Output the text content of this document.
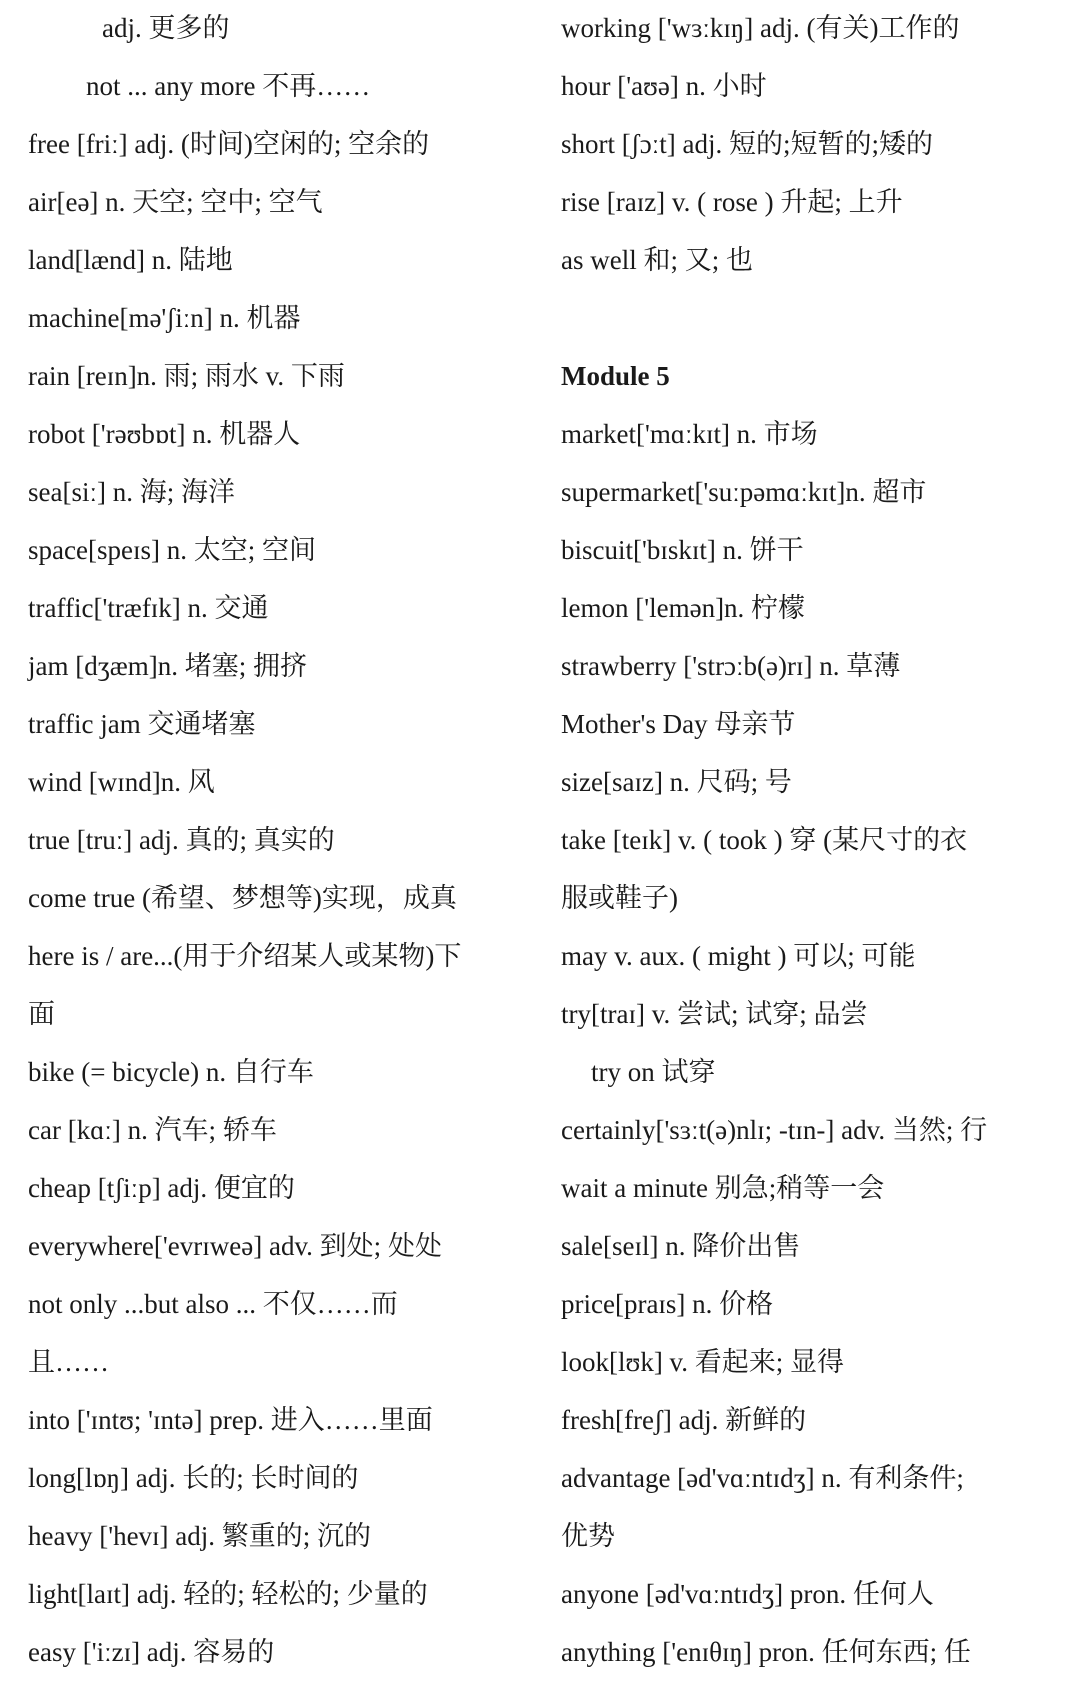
adj. 更多的
not ... any more 不再……
free [friː] adj. (时间)空闲的; 空余的
air[eə] n. 天空; 空中; 空气
land[lænd] n. 陆地
machine[mə'ʃiːn] n. 机器
rain [reɪn]n. 雨; 雨水 v. 下雨
robot ['rəʊbɒt] n. 机器人
sea[siː] n. 海; 海洋
space[speɪs] n. 太空; 空间
traffic['træfɪk] n. 交通
jam [dʒæm]n. 堵塞; 拥挤
traffic jam 交通堵塞
wind [wɪnd]n. 风
true [truː] adj. 真的; 真实的
come true (希望、梦想等)实现，成真
here is / are...(用于介绍某人或某物)下
面
bike (= bicycle) n. 自行车
car [kɑː] n. 汽车; 轿车
cheap [tʃiːp] adj. 便宜的
everywhere['evrɪweə] adv. 到处; 处处
not only ...but also ... 不仅……而
且……
into ['ɪntʊ; 'ɪntə] prep. 进入……里面
long[lɒŋ] adj. 长的; 长时间的
heavy ['hevɪ] adj. 繁重的; 沉的
light[laɪt] adj. 轻的; 轻松的; 少量的
easy ['iːzɪ] adj. 容易的
working ['wɜːkɪŋ] adj. (有关)工作的
hour ['aʊə] n. 小时
short [ʃɔːt] adj. 短的;短暂的;矮的
rise [raɪz] v. ( rose ) 升起; 上升
as well 和; 又; 也
Module 5
market['mɑːkɪt] n. 市场
supermarket['suːpəmɑːkɪt]n. 超市
biscuit['bɪskɪt] n. 饼干
lemon ['lemən]n. 柠檬
strawberry ['strɔːb(ə)rɪ] n. 草薄
Mother's Day 母亲节
size[saɪz] n. 尺码; 号
take [teɪk] v. ( took ) 穿 (某尺寸的衣
服或鞋子)
may v. aux. ( might ) 可以; 可能
try[traɪ] v. 尝试; 试穿; 品尝
try on 试穿
certainly['sɜːt(ə)nlɪ; -tɪn-] adv. 当然; 行
wait a minute 别急;稍等一会
sale[seɪl] n. 降价出售
price[praɪs] n. 价格
look[lʊk] v. 看起来; 显得
fresh[freʃ] adj. 新鲜的
advantage [əd'vɑːntɪdʒ] n. 有利条件;
优势
anyone [əd'vɑːntɪdʒ] pron. 任何人
anything ['enɪθɪŋ] pron. 任何东西; 任
